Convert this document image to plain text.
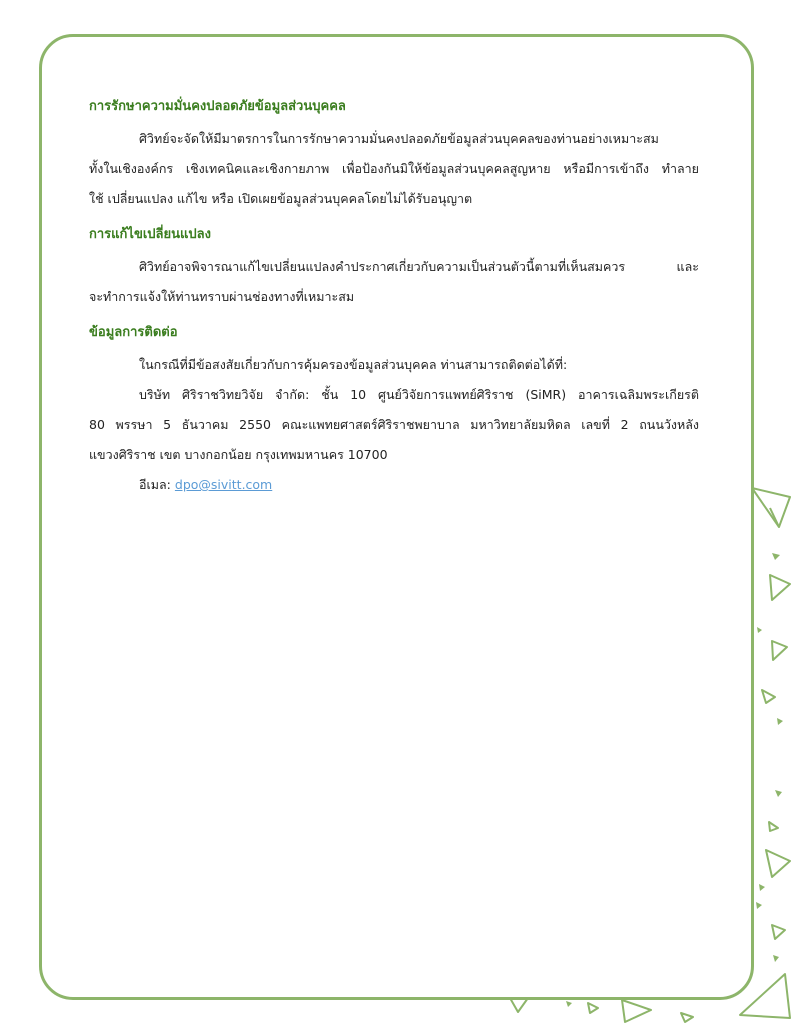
การรักษาความมั่นคงปลอดภัยข้อมูลส่วนบุคคล
ศิวิทย์จะจัดให้มีมาตรการในการรักษาความมั่นคงปลอดภัยข้อมูลส่วนบุคคลของท่านอย่างเหมาะสม
ทั้งในเชิงองค์กร เชิงเทคนิคและเชิงกายภาพ เพื่อป้องกันมิให้ข้อมูลส่วนบุคคลสูญหาย หรือมีการเข้าถึง ทำลาย
ใช้ เปลี่ยนแปลง แก้ไข หรือ เปิดเผยข้อมูลส่วนบุคคลโดยไม่ได้รับอนุญาต
การแก้ไขเปลี่ยนแปลง
ศิวิทย์อาจพิจารณาแก้ไขเปลี่ยนแปลงคำประกาศเกี่ยวกับความเป็นส่วนตัวนี้ตามที่เห็นสมควร และ
จะทำการแจ้งให้ท่านทราบผ่านช่องทางที่เหมาะสม
ข้อมูลการติดต่อ
ในกรณีที่มีข้อสงสัยเกี่ยวกับการคุ้มครองข้อมูลส่วนบุคคล ท่านสามารถติดต่อได้ที่:
บริษัท ศิริราชวิทยวิจัย จำกัด: ชั้น 10 ศูนย์วิจัยการแพทย์ศิริราช (SiMR) อาคารเฉลิมพระเกียรติ
80 พรรษา 5 ธันวาคม 2550 คณะแพทยศาสตร์ศิริราชพยาบาล มหาวิทยาลัยมหิดล เลขที่ 2 ถนนวังหลัง
แขวงศิริราช เขต บางกอกน้อย กรุงเทพมหานคร 10700
อีเมล: dpo@sivitt.com
